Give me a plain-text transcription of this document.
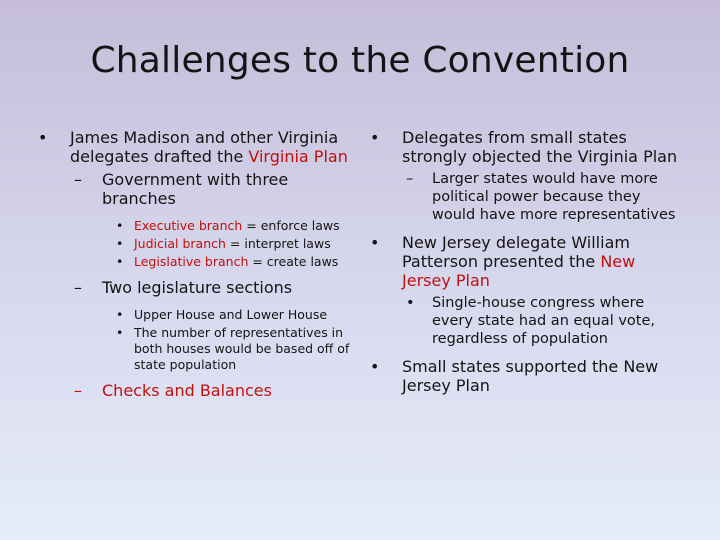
Challenges to the Convention
• James Madison and other Virginia delegates drafted the Virginia Plan
– Government with three branches
• Executive branch = enforce laws
• Judicial branch = interpret laws
• Legislative branch = create laws
– Two legislature sections
• Upper House and Lower House
• The number of representatives in both houses would be based off of state population
– Checks and Balances
• Delegates from small states strongly objected the Virginia Plan
– Larger states would have more political power because they would have more representatives
• New Jersey delegate William Patterson presented the New Jersey Plan
• Single-house congress where every state had an equal vote, regardless of population
• Small states supported the New Jersey Plan
